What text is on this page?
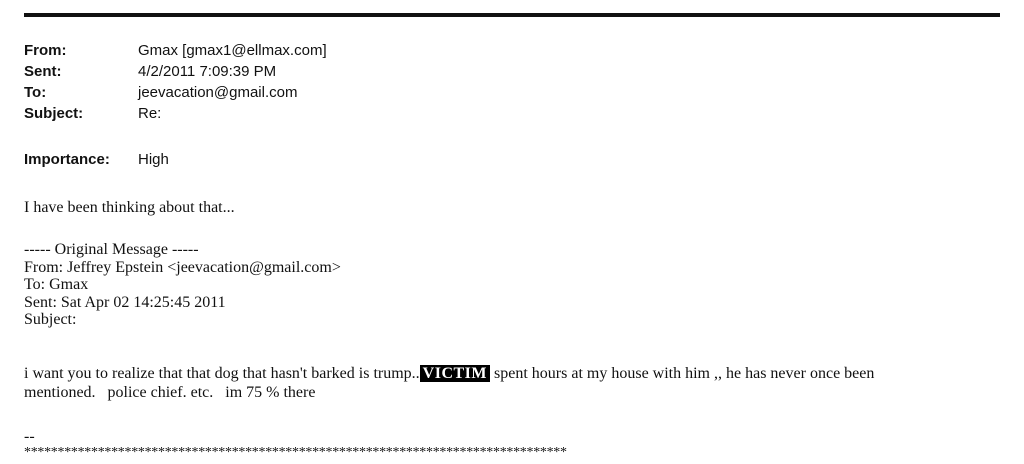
From:	Gmax [gmax1@ellmax.com]
Sent:	4/2/2011 7:09:39 PM
To:	jeevacation@gmail.com
Subject:	Re:
Importance: High
I have been thinking about that...
----- Original Message -----
From: Jeffrey Epstein <jeevacation@gmail.com>
To: Gmax
Sent: Sat Apr 02 14:25:45 2011
Subject:
i want you to realize that that dog that hasn't barked is trump.. VICTIM spent hours at my house with him ,, he has never once been
mentioned.   police chief. etc.   im 75 % there
--
*********************************************************************************
